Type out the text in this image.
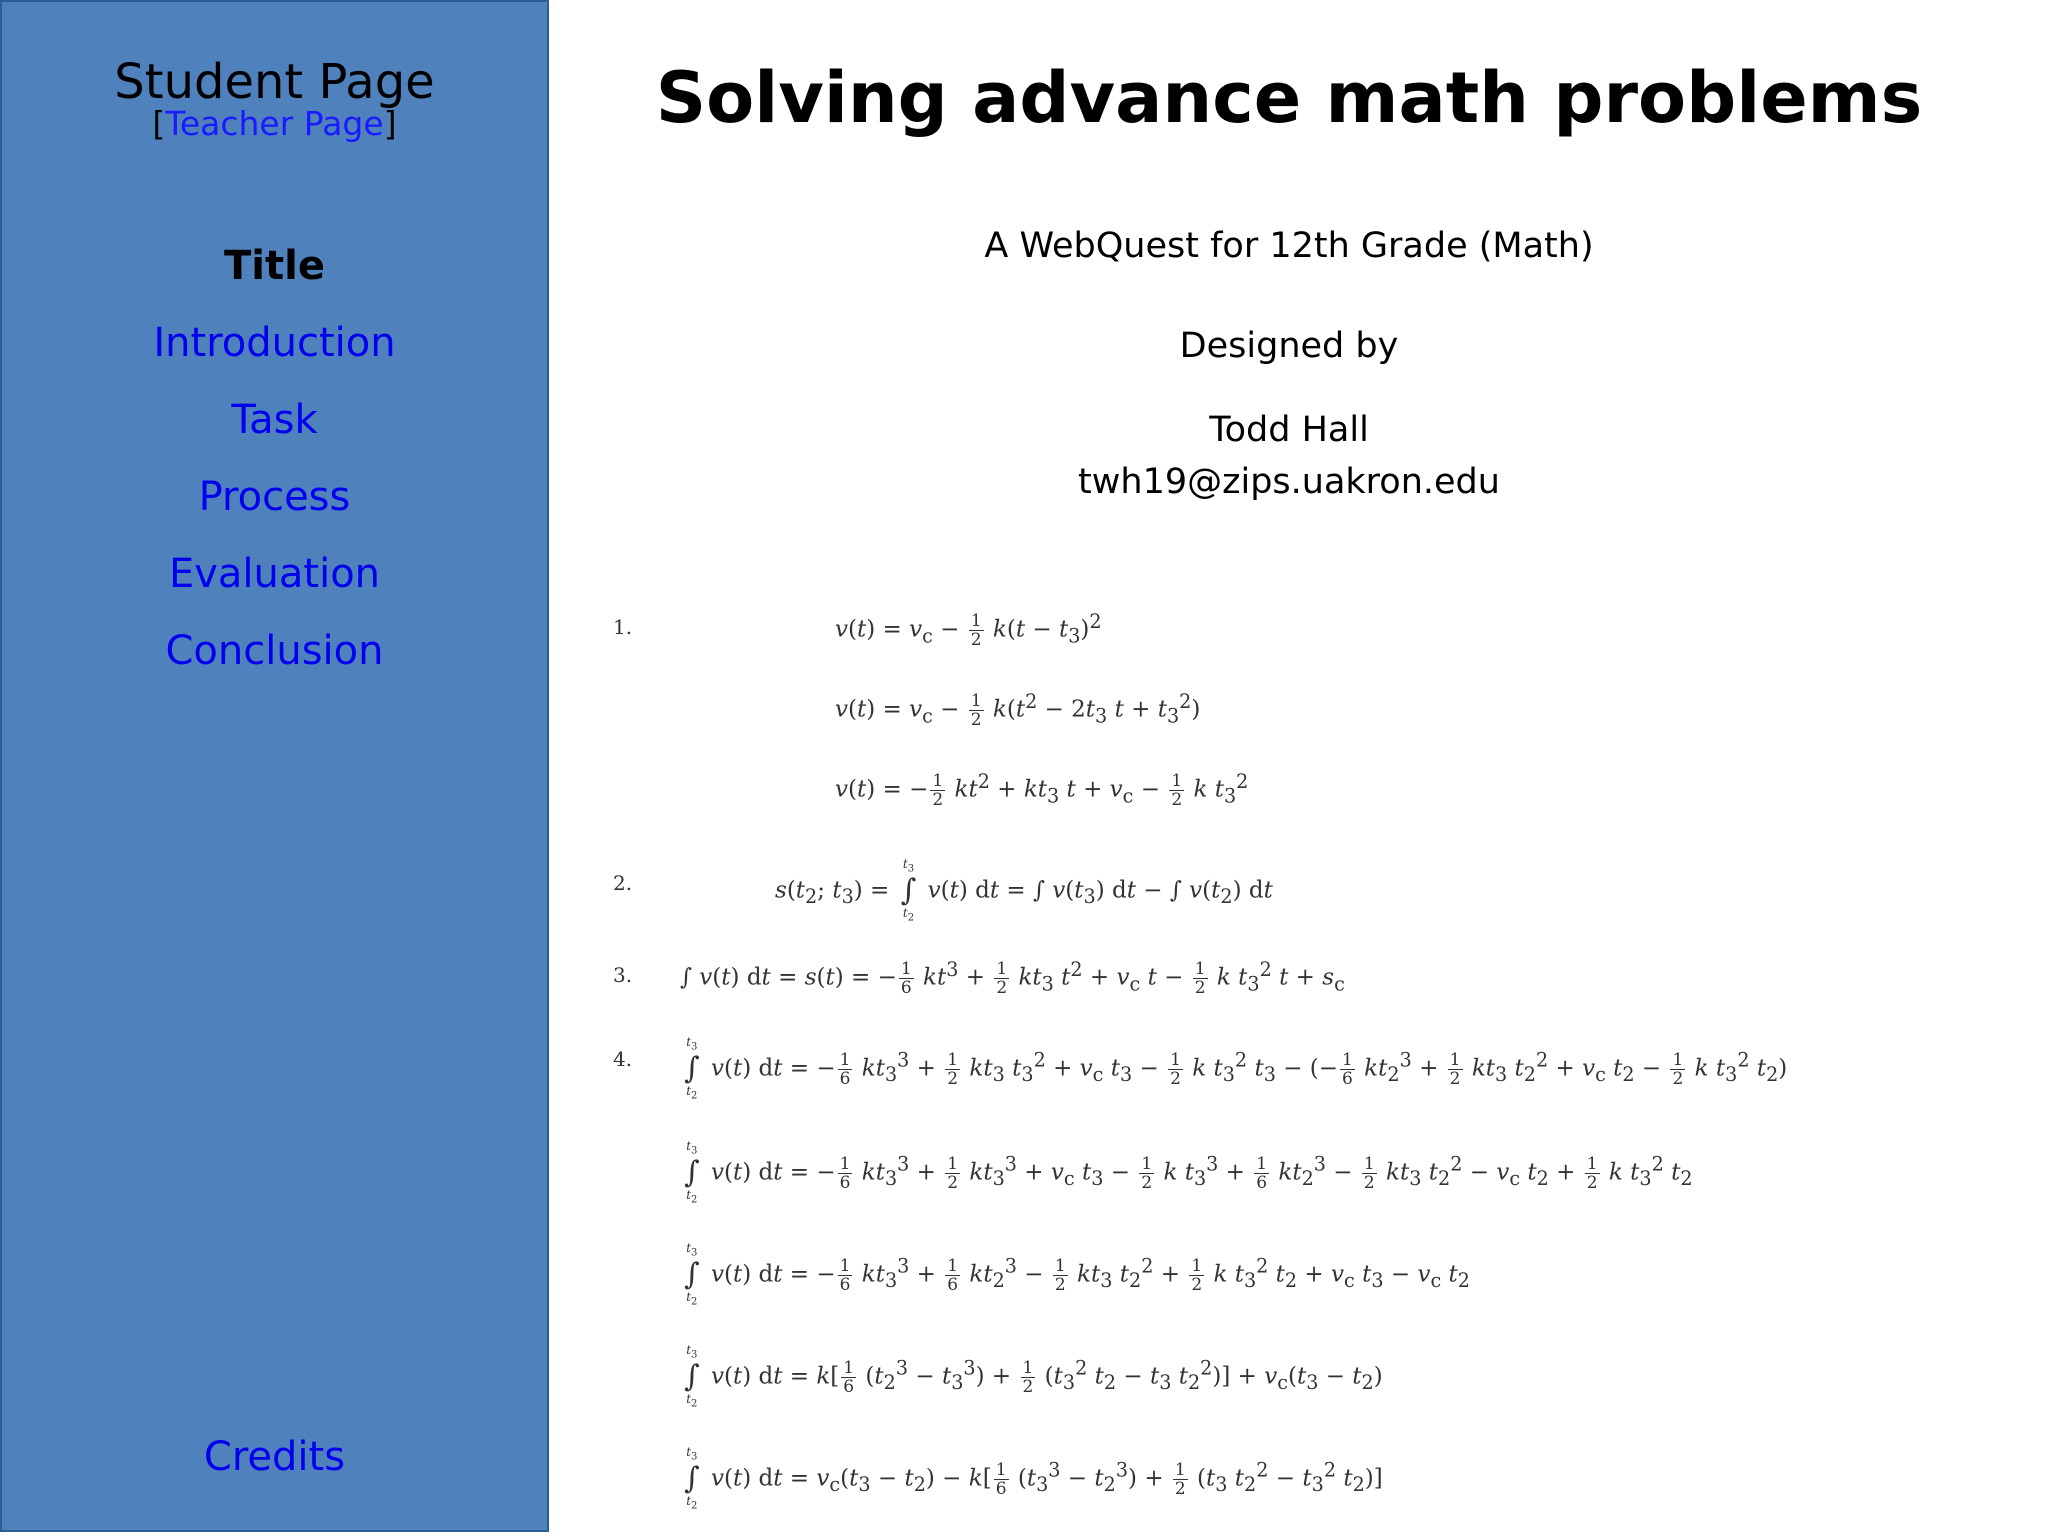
Student Page
[Teacher Page]
Title
Introduction
Task
Process
Evaluation
Conclusion
Credits
Solving advance math problems
A WebQuest for 12th Grade (Math)
Designed by
Todd Hall
twh19@zips.uakron.edu
1.
2.
3.
4.
$v(t) = v_c - \frac{1}{2} k(t - t_3)^2$
$v(t) = v_c - \frac{1}{2} k(t^2 - 2t_3$ $t + t_3^2$)
v(t) = − $\frac{1}{2} kt^2 + kt_3$ $t + v_c - \frac{1}{2}$ k $t_3^2$
$s(t_2$; $t_3$) =
$t_3$
∫
$t_2$
v(t) dt = ∫ $v(t_3)$ dt − ∫ $v(t_2)$ dt
∫ v(t) dt = s(t) = − $\frac{1}{6} kt^3 + \frac{1}{2} kt_3$ $t^2 + v_c$ $t - \frac{1}{2}$ k $t_3^2$ $t + s_c$
$t_3$
∫
$t_2$
v(t) dt = − $\frac{1}{6} kt_3^3 + \frac{1}{2} kt_3$ $t_3^2 + v_c$ $t_3 - \frac{1}{2}$ k $t_3^2$ $t_3$ − (− $\frac{1}{6} kt_2^3 + \frac{1}{2} kt_3$ $t_2^2 + v_c$ $t_2 - \frac{1}{2}$ k $t_3^2$ $t_2$)
$t_3$
∫
$t_2$
v(t) dt = − $\frac{1}{6} kt_3^3 + \frac{1}{2} kt_3^3 + v_c$ $t_3 - \frac{1}{2}$ k $t_3^3 + \frac{1}{6} kt_2^3 - \frac{1}{2} kt_3$ $t_2^2 - v_c$ $t_2 + \frac{1}{2}$ k $t_3^2$ $t_2$
$t_3$
∫
$t_2$
v(t) dt = − $\frac{1}{6} kt_3^3 + \frac{1}{6} kt_2^3 - \frac{1}{2} kt_3$ $t_2^2 + \frac{1}{2}$ k $t_3^2$ $t_2 + v_c$ $t_3 - v_c$ $t_2$
$t_3$
∫
$t_2$
v(t) dt = $k[ \frac{1}{6} (t_2^3 - t_3^3) + \frac{1}{2} (t_3^2$ $t_2 - t_3$ $t_2^2)] + v_c(t_3 - t_2)$
$t_3$
∫
$t_2$
v(t) dt = $v_c(t_3 - t_2) - k[ \frac{1}{6} (t_3^3 - t_2^3) + \frac{1}{2} (t_3$ $t_2^2 - t_3^2$ $t_2$)]
